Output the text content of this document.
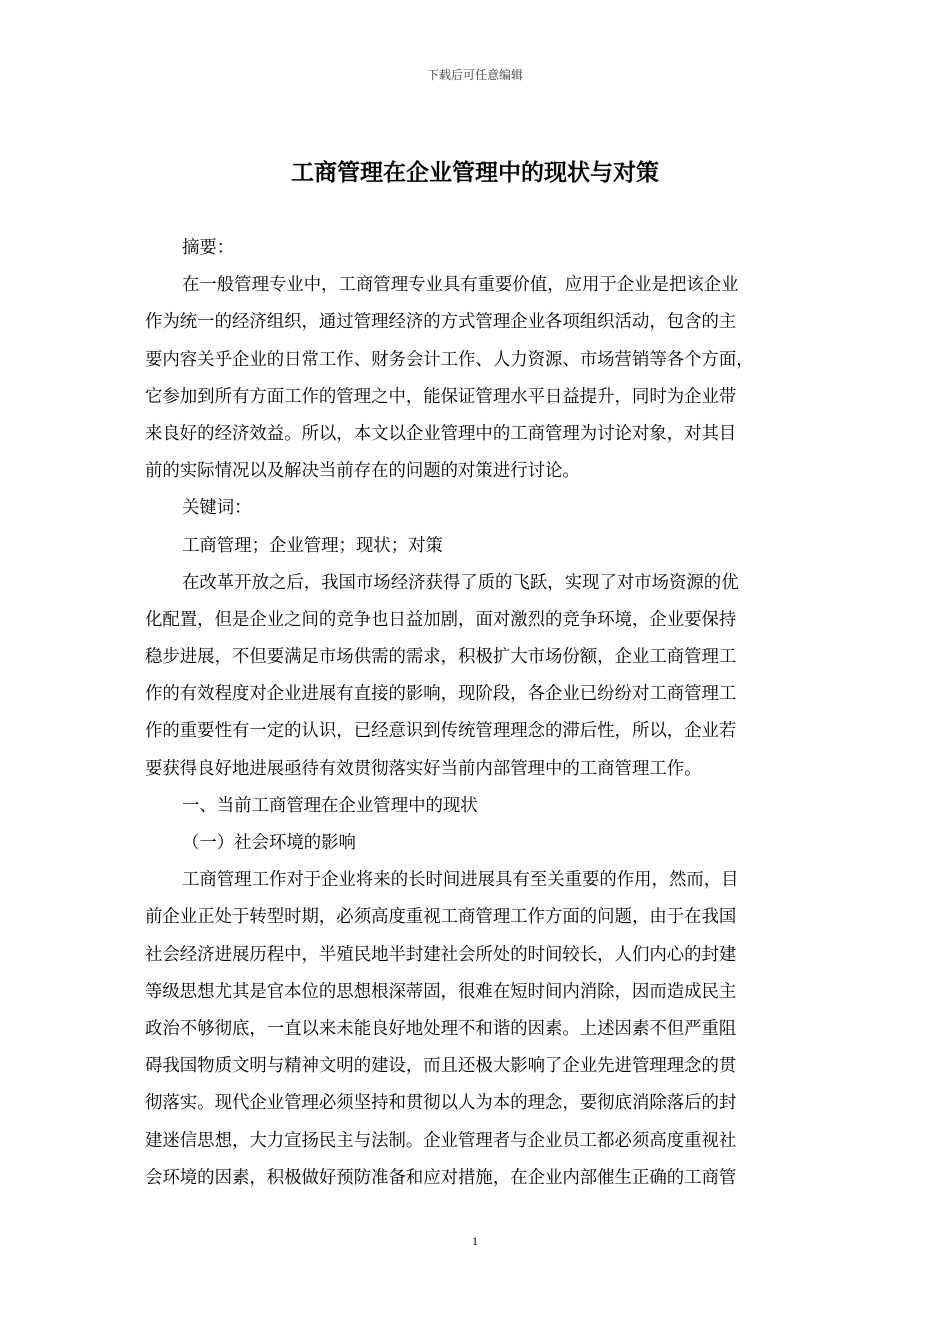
下载后可任意编辑
工商管理在企业管理中的现状与对策
摘要：
在一般管理专业中，工商管理专业具有重要价值，应用于企业是把该企业
作为统一的经济组织，通过管理经济的方式管理企业各项组织活动，包含的主
要内容关乎企业的日常工作、财务会计工作、人力资源、市场营销等各个方面，
它参加到所有方面工作的管理之中，能保证管理水平日益提升，同时为企业带
来良好的经济效益。所以，本文以企业管理中的工商管理为讨论对象，对其目
前的实际情况以及解决当前存在的问题的对策进行讨论。
关键词：
工商管理；企业管理；现状；对策
在改革开放之后，我国市场经济获得了质的飞跃，实现了对市场资源的优
化配置，但是企业之间的竞争也日益加剧，面对激烈的竞争环境，企业要保持
稳步进展，不但要满足市场供需的需求，积极扩大市场份额，企业工商管理工
作的有效程度对企业进展有直接的影响，现阶段，各企业已纷纷对工商管理工
作的重要性有一定的认识，已经意识到传统管理理念的滞后性，所以，企业若
要获得良好地进展亟待有效贯彻落实好当前内部管理中的工商管理工作。
一、当前工商管理在企业管理中的现状
（一）社会环境的影响
工商管理工作对于企业将来的长时间进展具有至关重要的作用，然而，目
前企业正处于转型时期，必须高度重视工商管理工作方面的问题，由于在我国
社会经济进展历程中，半殖民地半封建社会所处的时间较长，人们内心的封建
等级思想尤其是官本位的思想根深蒂固，很难在短时间内消除，因而造成民主
政治不够彻底，一直以来未能良好地处理不和谐的因素。上述因素不但严重阻
碍我国物质文明与精神文明的建设，而且还极大影响了企业先进管理理念的贯
彻落实。现代企业管理必须坚持和贯彻以人为本的理念，要彻底消除落后的封
建迷信思想，大力宣扬民主与法制。企业管理者与企业员工都必须高度重视社
会环境的因素，积极做好预防准备和应对措施，在企业内部催生正确的工商管
1
